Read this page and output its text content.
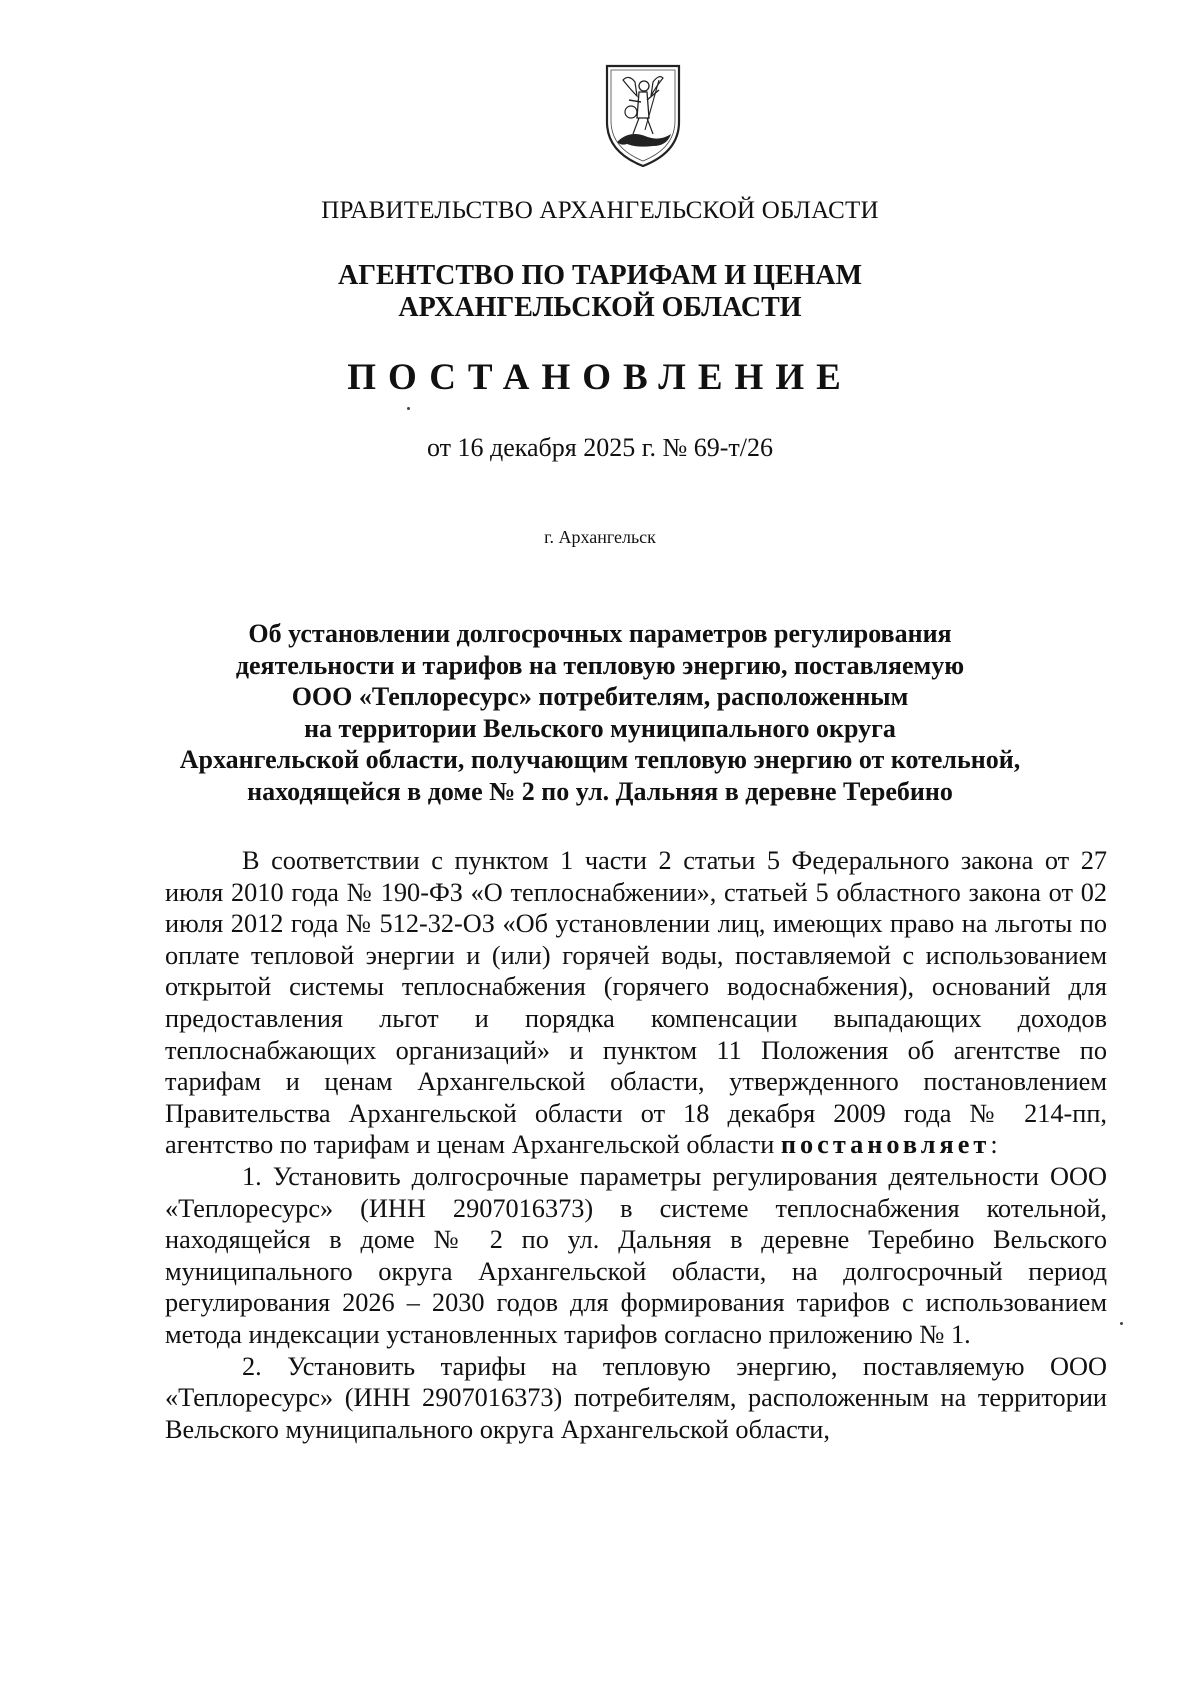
ПРАВИТЕЛЬСТВО АРХАНГЕЛЬСКОЙ ОБЛАСТИ
АГЕНТСТВО ПО ТАРИФАМ И ЦЕНАМ
АРХАНГЕЛЬСКОЙ ОБЛАСТИ
ПОСТАНОВЛЕНИЕ
от 16 декабря 2025 г. № 69-т/26
г. Архангельск
Об установлении долгосрочных параметров регулирования
деятельности и тарифов на тепловую энергию, поставляемую
ООО «Теплоресурс» потребителям, расположенным
на территории Вельского муниципального округа
Архангельской области, получающим тепловую энергию от котельной,
находящейся в доме № 2 по ул. Дальняя в деревне Теребино

В соответствии с пунктом 1 части 2 статьи 5 Федерального закона от 27 июля 2010 года № 190-ФЗ «О теплоснабжении», статьей 5 областного закона от 02 июля 2012 года № 512-32-ОЗ «Об установлении лиц, имеющих право на льготы по оплате тепловой энергии и (или) горячей воды, поставляемой с использованием открытой системы теплоснабжения (горячего водоснабжения), оснований для предоставления льгот и порядка компенсации выпадающих доходов теплоснабжающих организаций» и пунктом 11 Положения об агентстве по тарифам и ценам Архангельской области, утвержденного постановлением Правительства Архангельской области от 18 декабря 2009 года № 214-пп, агентство по тарифам и ценам Архангельской области постановляет:

1. Установить долгосрочные параметры регулирования деятельности ООО «Теплоресурс» (ИНН 2907016373) в системе теплоснабжения котельной, находящейся в доме № 2 по ул. Дальняя в деревне Теребино Вельского муниципального округа Архангельской области, на долгосрочный период регулирования 2026 – 2030 годов для формирования тарифов с использованием метода индексации установленных тарифов согласно приложению № 1.

2. Установить тарифы на тепловую энергию, поставляемую ООО «Теплоресурс» (ИНН 2907016373) потребителям, расположенным на территории Вельского муниципального округа Архангельской области,
